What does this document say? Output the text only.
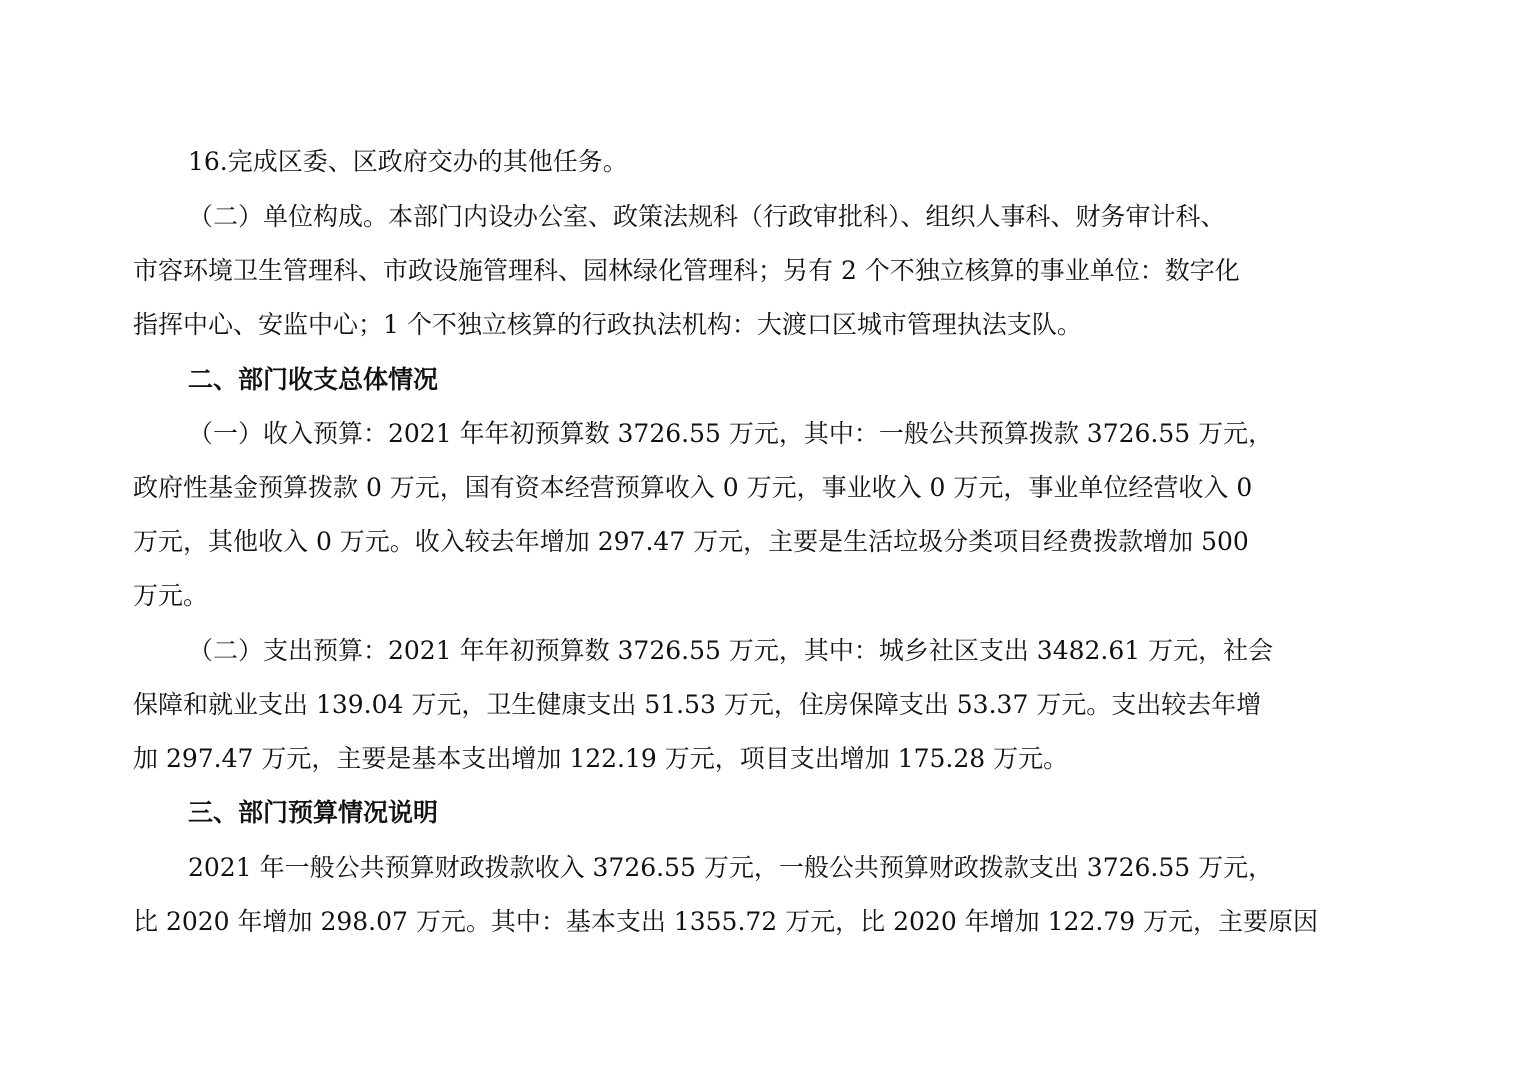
16.完成区委、区政府交办的其他任务。
（二）单位构成。本部门内设办公室、政策法规科（行政审批科）、组织人事科、财务审计科、
市容环境卫生管理科、市政设施管理科、园林绿化管理科；另有 2 个不独立核算的事业单位：数字化
指挥中心、安监中心；1 个不独立核算的行政执法机构：大渡口区城市管理执法支队。
二、部门收支总体情况
（一）收入预算：2021 年年初预算数 3726.55 万元，其中：一般公共预算拨款 3726.55 万元，
政府性基金预算拨款 0 万元，国有资本经营预算收入 0 万元，事业收入 0 万元，事业单位经营收入 0
万元，其他收入 0 万元。收入较去年增加 297.47 万元，主要是生活垃圾分类项目经费拨款增加 500
万元。
（二）支出预算：2021 年年初预算数 3726.55 万元，其中：城乡社区支出 3482.61 万元，社会
保障和就业支出 139.04 万元，卫生健康支出 51.53 万元，住房保障支出 53.37 万元。支出较去年增
加 297.47 万元，主要是基本支出增加 122.19 万元，项目支出增加 175.28 万元。
三、部门预算情况说明
2021 年一般公共预算财政拨款收入 3726.55 万元，一般公共预算财政拨款支出 3726.55 万元，
比 2020 年增加 298.07 万元。其中：基本支出 1355.72 万元，比 2020 年增加 122.79 万元，主要原因
